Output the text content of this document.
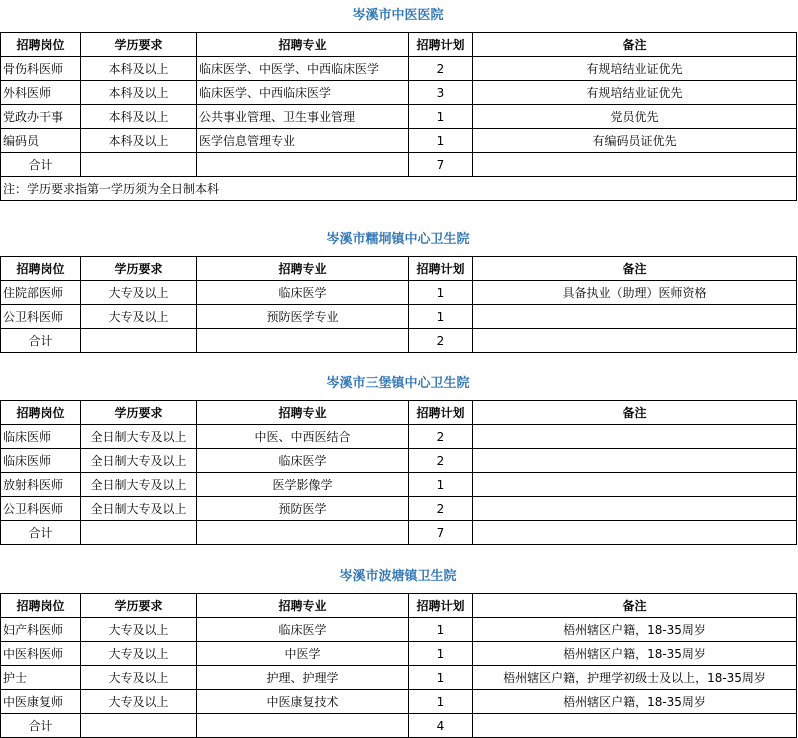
岑溪市中医医院
招聘岗位	学历要求	招聘专业	招聘计划	备注
骨伤科医师	本科及以上	临床医学、中医学、中西临床医学	2	有规培结业证优先
外科医师	本科及以上	临床医学、中西临床医学	3	有规培结业证优先
党政办干事	本科及以上	公共事业管理、卫生事业管理	1	党员优先
编码员	本科及以上	医学信息管理专业	1	有编码员证优先
合计			7	
注：学历要求指第一学历须为全日制本科				
岑溪市糯垌镇中心卫生院
招聘岗位	学历要求	招聘专业	招聘计划	备注
住院部医师	大专及以上	临床医学	1	具备执业（助理）医师资格
公卫科医师	大专及以上	预防医学专业	1	
合计			2	
岑溪市三堡镇中心卫生院
招聘岗位	学历要求	招聘专业	招聘计划	备注
临床医师	全日制大专及以上	中医、中西医结合	2	
临床医师	全日制大专及以上	临床医学	2	
放射科医师	全日制大专及以上	医学影像学	1	
公卫科医师	全日制大专及以上	预防医学	2	
合计			7	
岑溪市波塘镇卫生院
招聘岗位	学历要求	招聘专业	招聘计划	备注
妇产科医师	大专及以上	临床医学	1	梧州辖区户籍，18-35周岁
中医科医师	大专及以上	中医学	1	梧州辖区户籍，18-35周岁
护士	大专及以上	护理、护理学	1	梧州辖区户籍，护理学初级士及以上，18-35周岁
中医康复师	大专及以上	中医康复技术	1	梧州辖区户籍，18-35周岁
合计			4	
